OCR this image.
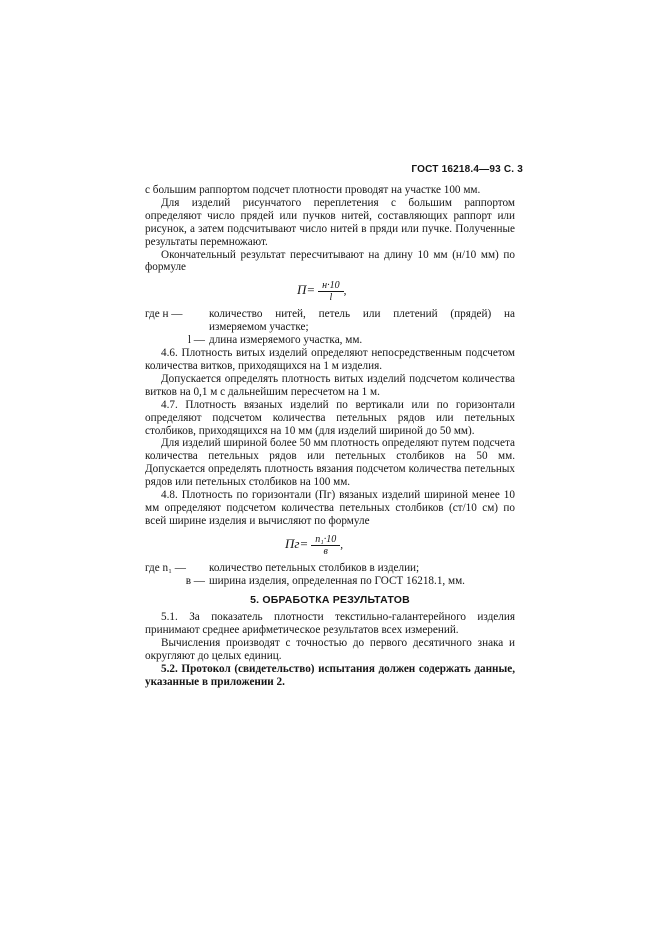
ГОСТ 16218.4—93 С. 3

с большим раппортом подсчет плотности проводят на участке 100 мм.

Для изделий рисунчатого переплетения с большим раппортом определяют число прядей или пучков нитей, составляющих раппорт или рисунок, а затем подсчитывают число нитей в пряди или пучке. Полученные результаты перемножают.

Окончательный результат пересчитывают на длину 10 мм (н/10 мм) по формуле

$П= \frac{н\cdot 10}{l}$ ,
где н —	количество нитей, петель или плетений (прядей) на измеряемом участке;
l — длина измеряемого участка, мм.

4.6. Плотность витых изделий определяют непосредственным подсчетом количества витков, приходящихся на 1 м изделия.

Допускается определять плотность витых изделий подсчетом количества витков на 0,1 м с дальнейшим пересчетом на 1 м.

4.7. Плотность вязаных изделий по вертикали или по горизонтали определяют подсчетом количества петельных рядов или петельных столбиков, приходящихся на 10 мм (для изделий шириной до 50 мм).

Для изделий шириной более 50 мм плотность определяют путем подсчета количества петельных рядов или петельных столбиков на 50 мм. Допускается определять плотность вязания подсчетом количества петельных рядов или петельных столбиков на 100 мм.

4.8. Плотность по горизонтали (Пг) вязаных изделий шириной менее 10 мм определяют подсчетом количества петельных столбиков (ст/10 см) по всей ширине изделия и вычисляют по формуле

$Пг= \frac{\text{n₁·10}}{в}$ ,
где n₁ —	количество петельных столбиков в изделии;
в — ширина изделия, определенная по ГОСТ 16218.1, мм.
5. ОБРАБОТКА РЕЗУЛЬТАТОВ

5.1. За показатель плотности текстильно-галантерейного изделия принимают среднее арифметическое результатов всех измерений.

Вычисления производят с точностью до первого десятичного знака и округляют до целых единиц.

5.2. Протокол (свидетельство) испытания должен содержать данные, указанные в приложении 2.
